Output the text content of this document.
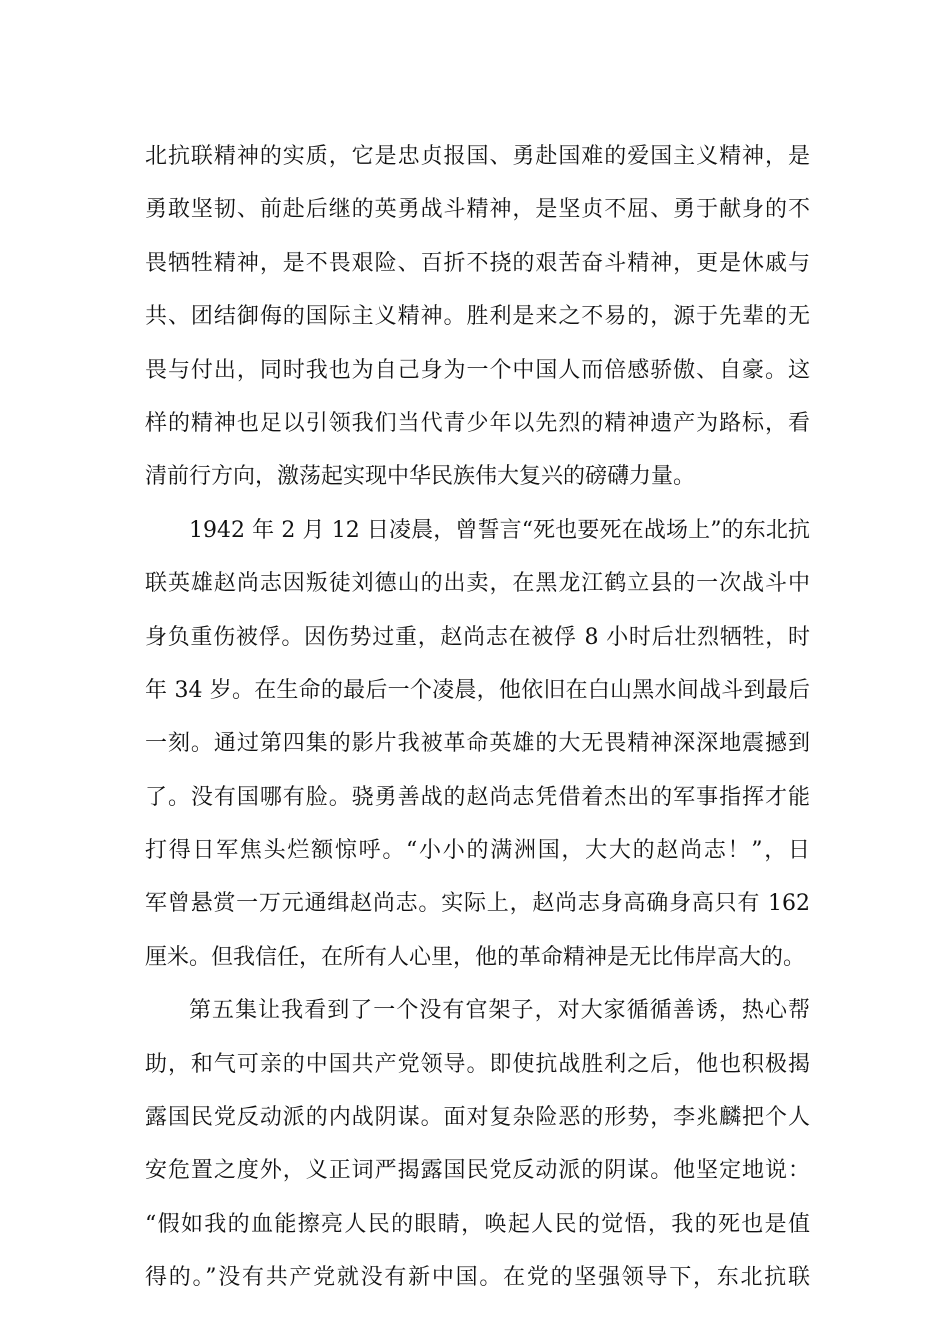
北抗联精神的实质，它是忠贞报国、勇赴国难的爱国主义精神，是
勇敢坚韧、前赴后继的英勇战斗精神，是坚贞不屈、勇于献身的不
畏牺牲精神，是不畏艰险、百折不挠的艰苦奋斗精神，更是休戚与
共、团结御侮的国际主义精神。胜利是来之不易的，源于先辈的无
畏与付出，同时我也为自己身为一个中国人而倍感骄傲、自豪。这
样的精神也足以引领我们当代青少年以先烈的精神遗产为路标，看
清前行方向，激荡起实现中华民族伟大复兴的磅礴力量。
1942 年 2 月 12 日凌晨，曾誓言“死也要死在战场上”的东北抗
联英雄赵尚志因叛徒刘德山的出卖，在黑龙江鹤立县的一次战斗中
身负重伤被俘。因伤势过重，赵尚志在被俘 8 小时后壮烈牺牲，时
年 34 岁。在生命的最后一个凌晨，他依旧在白山黑水间战斗到最后
一刻。通过第四集的影片我被革命英雄的大无畏精神深深地震撼到
了。没有国哪有脸。骁勇善战的赵尚志凭借着杰出的军事指挥才能
打得日军焦头烂额惊呼。“小小的满洲国，大大的赵尚志！”，日
军曾悬赏一万元通缉赵尚志。实际上，赵尚志身高确身高只有 162
厘米。但我信任，在所有人心里，他的革命精神是无比伟岸高大的。
第五集让我看到了一个没有官架子，对大家循循善诱，热心帮
助，和气可亲的中国共产党领导。即使抗战胜利之后，他也积极揭
露国民党反动派的内战阴谋。面对复杂险恶的形势，李兆麟把个人
安危置之度外，义正词严揭露国民党反动派的阴谋。他坚定地说：
“假如我的血能擦亮人民的眼睛，唤起人民的觉悟，我的死也是值
得的。”没有共产党就没有新中国。在党的坚强领导下，东北抗联
